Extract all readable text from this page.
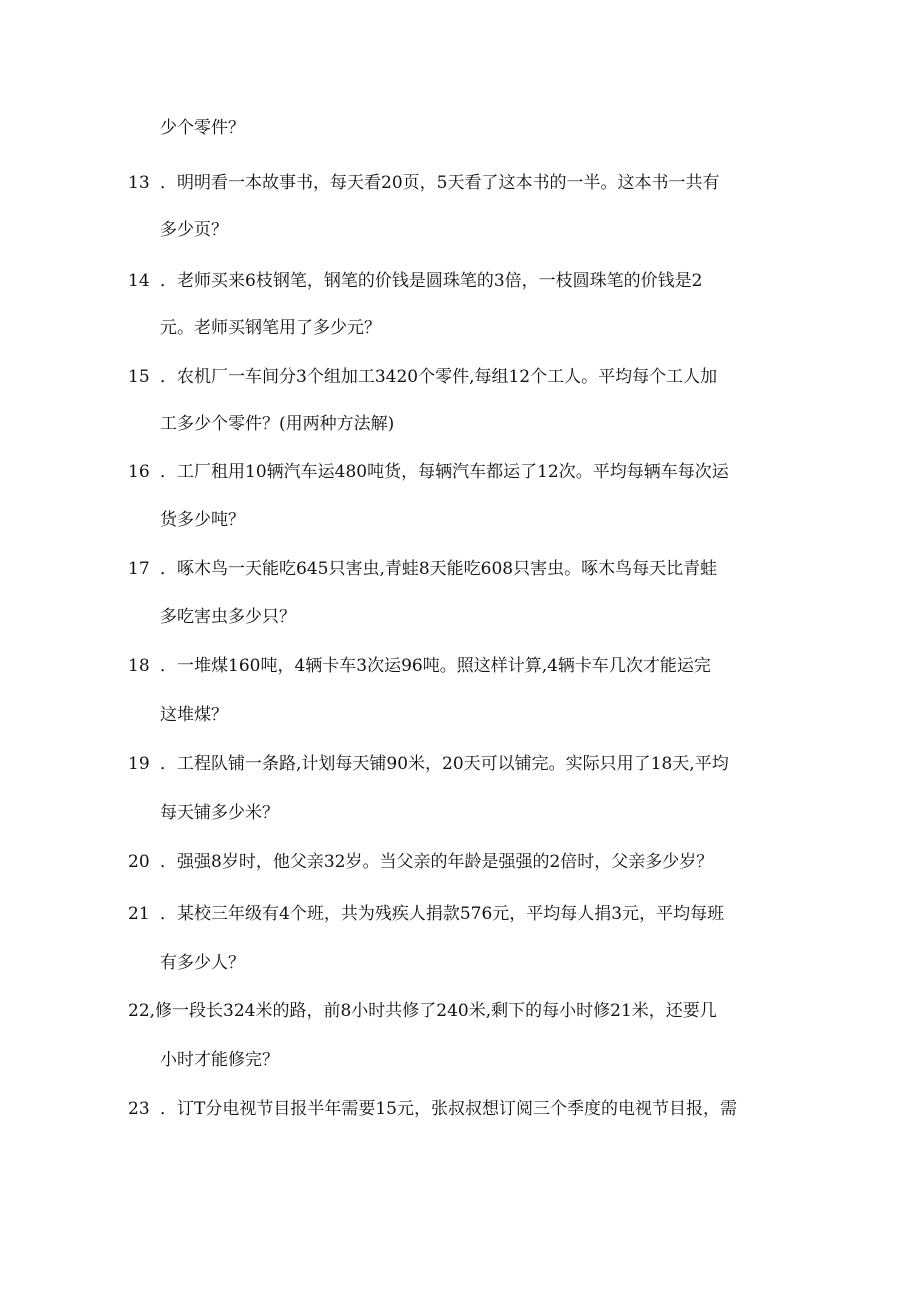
少个零件？
13 ．明明看一本故事书，每天看20页，5天看了这本书的一半。这本书一共有
多少页？
14 ．老师买来6枝钢笔，钢笔的价钱是圆珠笔的3倍，一枝圆珠笔的价钱是2
元。老师买钢笔用了多少元？
15 ．农机厂一车间分3个组加工3420个零件,每组12个工人。平均每个工人加
工多少个零件？(用两种方法解)
16 ．工厂租用10辆汽车运480吨货，每辆汽车都运了12次。平均每辆车每次运
货多少吨？
17 ．啄木鸟一天能吃645只害虫,青蛙8天能吃608只害虫。啄木鸟每天比青蛙
多吃害虫多少只？
18 ．一堆煤160吨，4辆卡车3次运96吨。照这样计算,4辆卡车几次才能运完
这堆煤？
19 ．工程队铺一条路,计划每天铺90米，20天可以铺完。实际只用了18天,平均
每天铺多少米？
20 ．强强8岁时，他父亲32岁。当父亲的年龄是强强的2倍时，父亲多少岁？
21 ．某校三年级有4个班，共为残疾人捐款576元，平均每人捐3元，平均每班
有多少人？
22,修一段长324米的路，前8小时共修了240米,剩下的每小时修21米，还要几
小时才能修完？
23 ．订T分电视节目报半年需要15元，张叔叔想订阅三个季度的电视节目报，需
